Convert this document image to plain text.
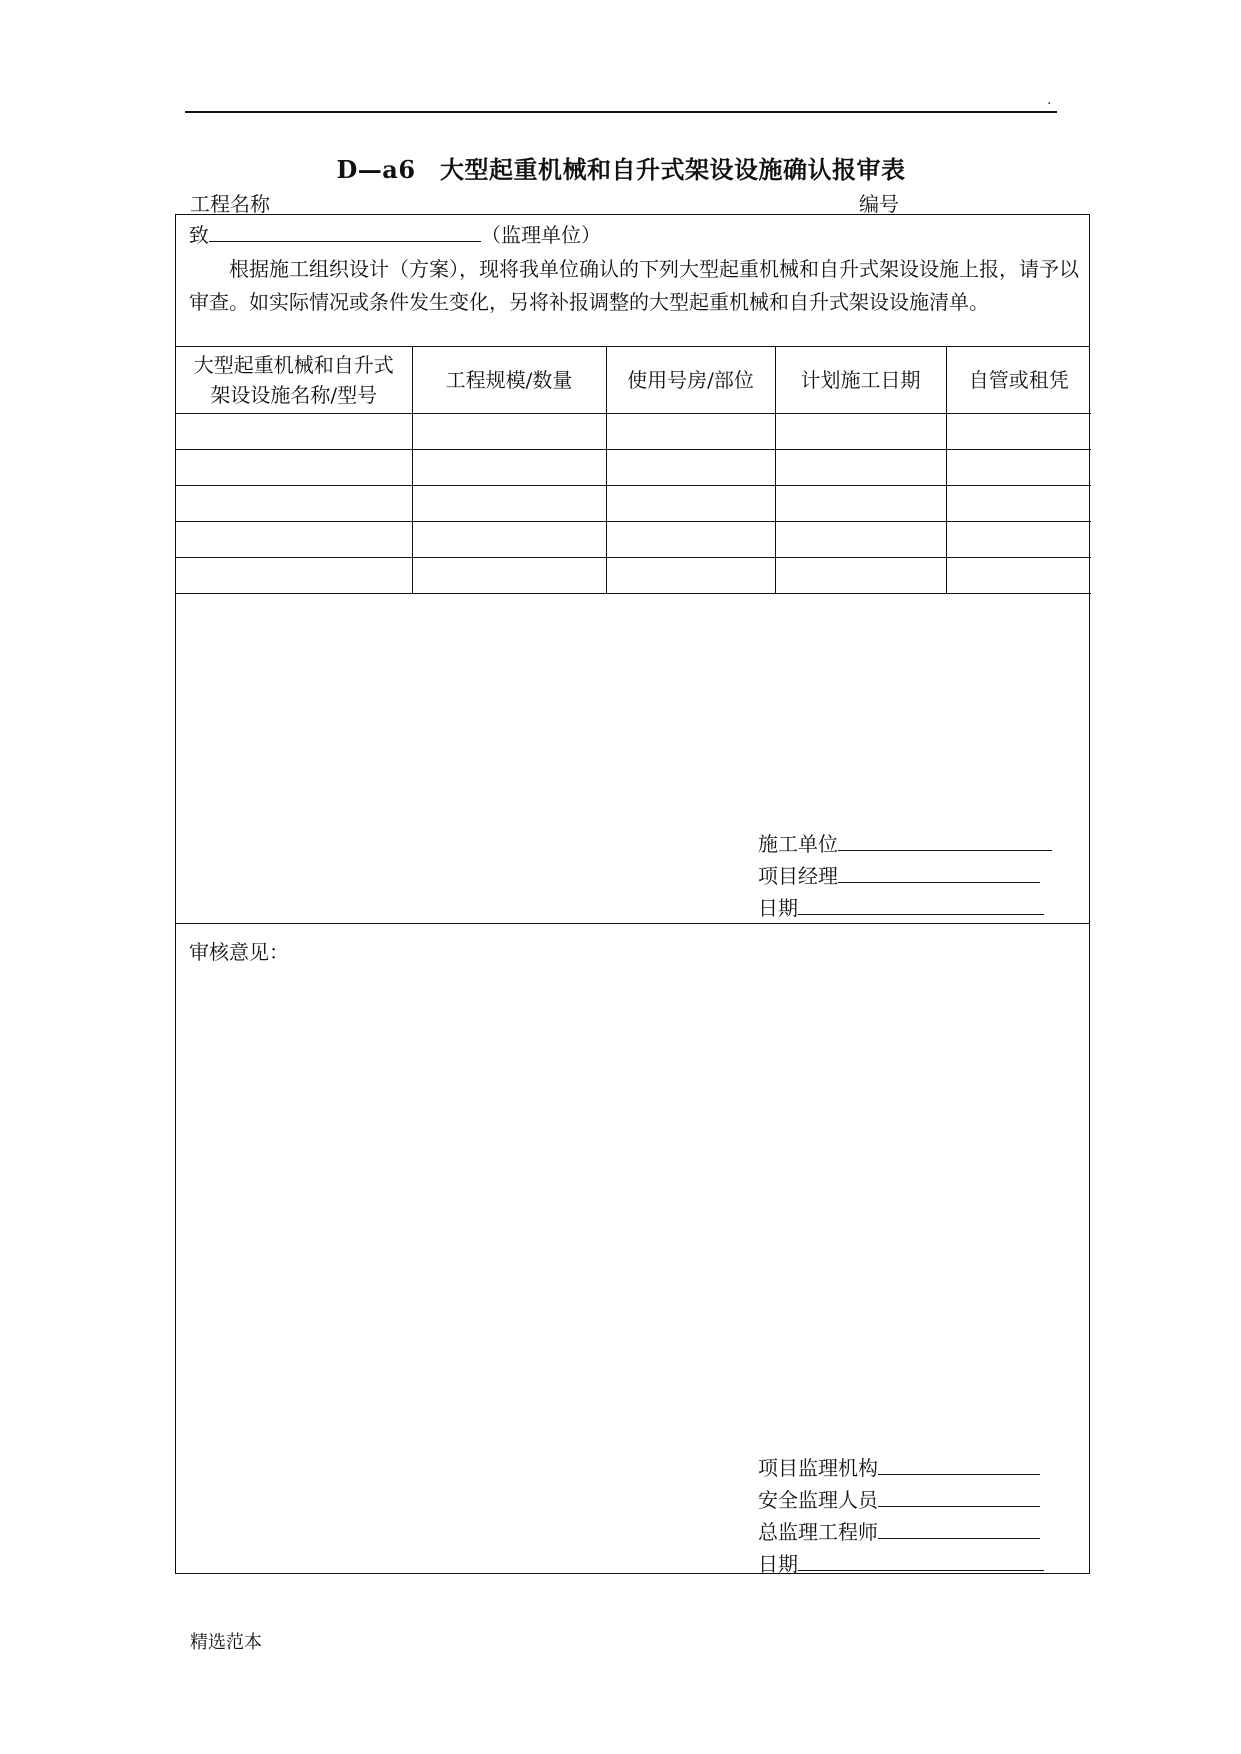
.
D—a6　大型起重机械和自升式架设设施确认报审表
工程名称	编号
致	（监理单位）
根据施工组织设计（方案），现将我单位确认的下列大型起重机械和自升式架设设施上报，请予以审查。如实际情况或条件发生变化，另将补报调整的大型起重机械和自升式架设设施清单。
大型起重机械和自升式架设设施名称/型号	工程规模/数量	使用号房/部位	计划施工日期	自管或租凭

施工单位
项目经理
日期
审核意见：
项目监理机构
安全监理人员
总监理工程师
日期
精选范本
